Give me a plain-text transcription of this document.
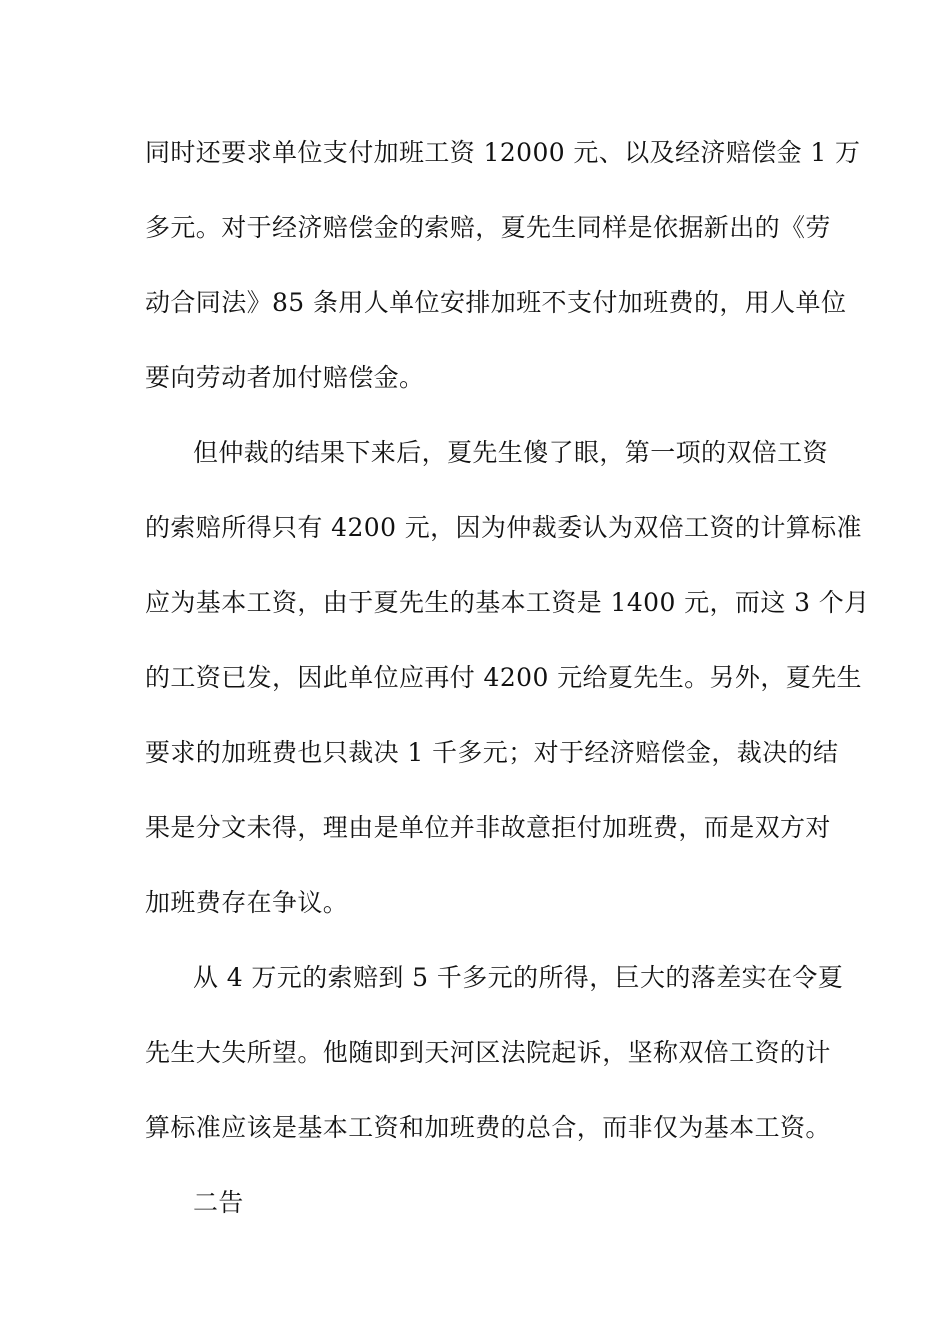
同时还要求单位支付加班工资 12000 元、以及经济赔偿金 1 万
多元。对于经济赔偿金的索赔，夏先生同样是依据新出的《劳
动合同法》85 条用人单位安排加班不支付加班费的，用人单位
要向劳动者加付赔偿金。
但仲裁的结果下来后，夏先生傻了眼，第一项的双倍工资
的索赔所得只有 4200 元，因为仲裁委认为双倍工资的计算标准
应为基本工资，由于夏先生的基本工资是 1400 元，而这 3 个月
的工资已发，因此单位应再付 4200 元给夏先生。另外，夏先生
要求的加班费也只裁决 1 千多元；对于经济赔偿金，裁决的结
果是分文未得，理由是单位并非故意拒付加班费，而是双方对
加班费存在争议。
从 4 万元的索赔到 5 千多元的所得，巨大的落差实在令夏
先生大失所望。他随即到天河区法院起诉，坚称双倍工资的计
算标准应该是基本工资和加班费的总合，而非仅为基本工资。
二告
